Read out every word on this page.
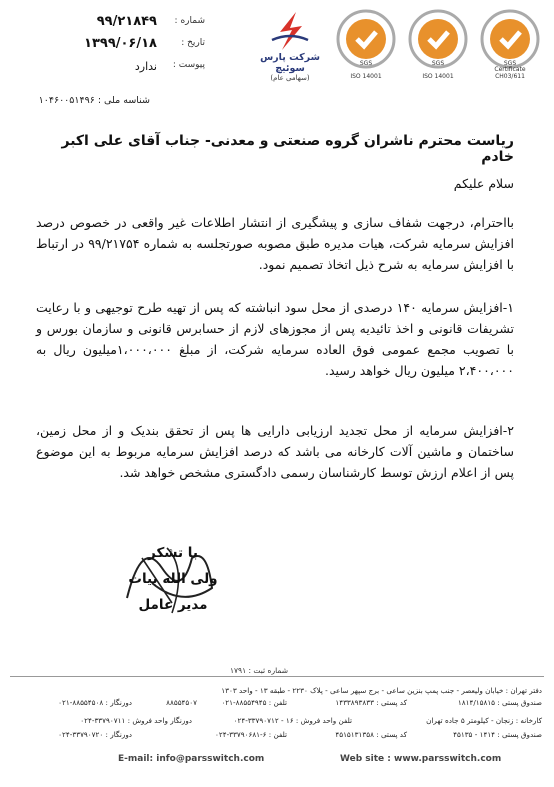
شماره :
۹۹/۲۱۸۴۹
تاریخ :
۱۳۹۹/۰۶/۱۸
پیوست :
ندارد
شرکت پارس سوئیچ
(سهامی عام)
SGS
ISO 14001
SGS
ISO 14001
SGS
Certificate CH03/611
شناسه ملی : ۱۰۴۶۰۰۵۱۴۹۶
ریاست محترم ناشران گروه صنعتی و معدنی- جناب آقای علی اکبر خادم
سلام علیکم
بااحترام، درجهت شفاف سازی و پیشگیری از انتشار اطلاعات غیر واقعی در خصوص درصد افزایش سرمایه شرکت، هیات مدیره طبق مصوبه صورتجلسه به شماره ۹۹/۲۱۷۵۴ در ارتباط با افزایش سرمایه به شرح ذیل اتخاذ تصمیم نمود.
۱-افزایش سرمایه ۱۴۰ درصدی از محل سود انباشته که پس از تهیه طرح توجیهی و با رعایت تشریفات قانونی و اخذ تائیدیه پس از مجوزهای لازم از حسابرس قانونی و سازمان بورس و با تصویب مجمع عمومی فوق العاده سرمایه شرکت، از مبلغ ۱،۰۰۰،۰۰۰میلیون ریال به ۲،۴۰۰،۰۰۰ میلیون ریال خواهد رسید.
۲-افزایش سرمایه از محل تجدید ارزیابی دارایی ها پس از تحقق بندیک و از محل زمین، ساختمان و ماشین آلات کارخانه می باشد که درصد افزایش سرمایه مربوط به این موضوع پس از اعلام ارزش توسط کارشناسان رسمی دادگستری مشخص خواهد شد.
با تشکر
ولی الله بیات
مدیر عامل
شماره ثبت : ۱۷۹۱
دفتر تهران : خیابان ولیعصر - جنب پمپ بنزین ساعی - برج سپهر ساعی - پلاک ۲۲۳۰ - طبقه ۱۳ - واحد ۱۳۰۳
صندوق پستی : ۱۸۱۴/۱۵۸۱۵
کد پستی : ۱۴۳۳۸۹۳۸۳۳
تلفن : ۸۸۵۵۴۹۴۵-۰۲۱
۸۸۵۵۴۵۰۷
دورنگار : ۸۸۵۵۴۵۰۸-۰۲۱
کارخانه : زنجان - کیلومتر ۵ جاده تهران
تلفن واحد فروش : ۱۶ - ۳۳۷۹۰۷۱۲-۰۲۴
دورنگار واحد فروش : ۳۳۷۹۰۷۱۱-۰۲۴
صندوق پستی : ۱۴۱۴ - ۴۵۱۳۵
کد پستی : ۴۵۱۵۱۳۱۳۵۸
تلفن : ۶-۳۳۷۹۰۶۸۱-۰۲۴
دورنگار : ۳۳۷۹۰۷۲۰-۰۲۴
E-mail: info@parsswitch.com	Web site : www.parsswitch.com
